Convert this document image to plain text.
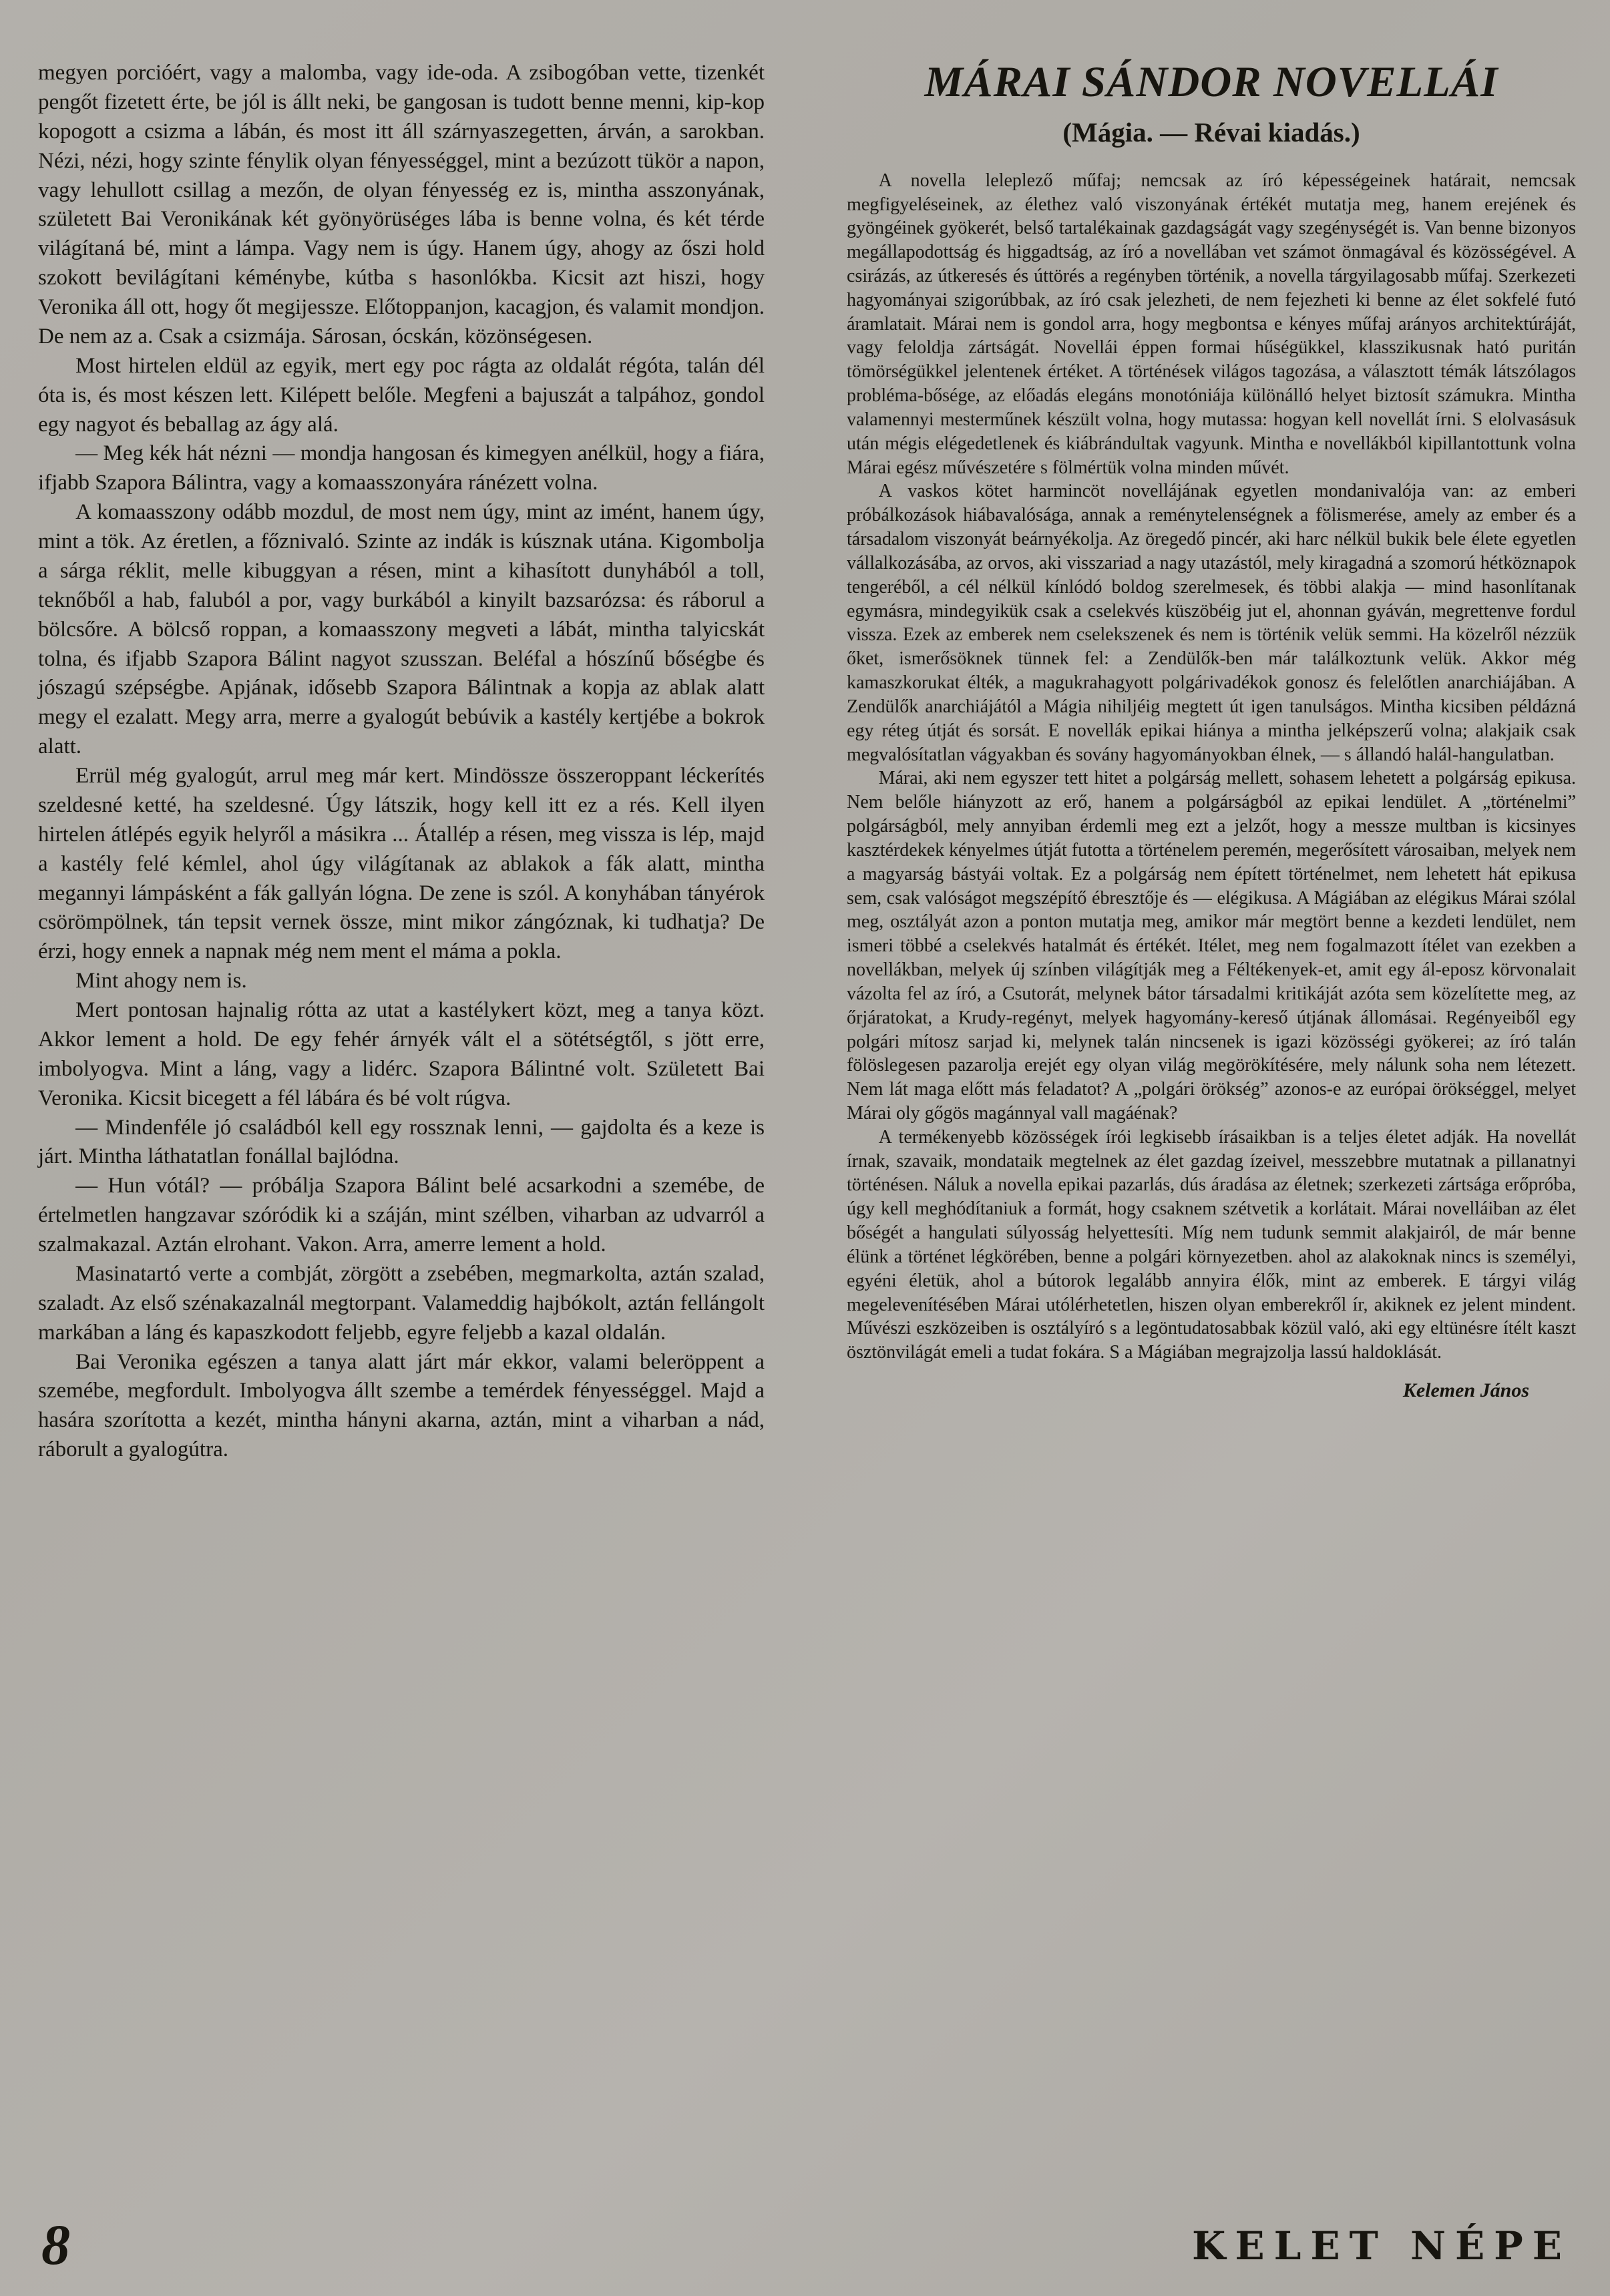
megyen porcióért, vagy a malomba, vagy ide-oda. A zsibogóban vette, tizenkét pengőt fizetett érte, be jól is állt neki, be gangosan is tudott benne menni, kip-kop kopogott a csizma a lábán, és most itt áll szárnyaszegetten, árván, a sarokban. Nézi, nézi, hogy szinte fénylik olyan fényességgel, mint a bezúzott tükör a napon, vagy lehullott csillag a mezőn, de olyan fényesség ez is, mintha asszonyának, született Bai Veronikának két gyönyörüséges lába is benne volna, és két térde világítaná bé, mint a lámpa. Vagy nem is úgy. Hanem úgy, ahogy az őszi hold szokott bevilágítani kéménybe, kútba s hasonlókba. Kicsit azt hiszi, hogy Veronika áll ott, hogy őt megijessze. Előtoppanjon, kacagjon, és valamit mondjon. De nem az a. Csak a csizmája. Sárosan, ócskán, közönségesen.

Most hirtelen eldül az egyik, mert egy poc rágta az oldalát régóta, talán dél óta is, és most készen lett. Kilépett belőle. Megfeni a bajuszát a talpához, gondol egy nagyot és beballag az ágy alá.

— Meg kék hát nézni — mondja hangosan és kimegyen anélkül, hogy a fiára, ifjabb Szapora Bálintra, vagy a komaasszonyára ránézett volna.

A komaasszony odább mozdul, de most nem úgy, mint az imént, hanem úgy, mint a tök. Az éretlen, a főznivaló. Szinte az indák is kúsznak utána. Kigombolja a sárga réklit, melle kibuggyan a résen, mint a kihasított dunyhából a toll, teknőből a hab, faluból a por, vagy burkából a kinyilt bazsarózsa: és ráborul a bölcsőre. A bölcső roppan, a komaasszony megveti a lábát, mintha talyicskát tolna, és ifjabb Szapora Bálint nagyot szusszan. Beléfal a hószínű bőségbe és jószagú szépségbe. Apjának, idősebb Szapora Bálintnak a kopja az ablak alatt megy el ezalatt. Megy arra, merre a gyalogút bebúvik a kastély kertjébe a bokrok alatt.

Errül még gyalogút, arrul meg már kert. Mindössze összeroppant léckerítés szeldesné ketté, ha szeldesné. Úgy látszik, hogy kell itt ez a rés. Kell ilyen hirtelen átlépés egyik helyről a másikra ... Átallép a résen, meg vissza is lép, majd a kastély felé kémlel, ahol úgy világítanak az ablakok a fák alatt, mintha megannyi lámpásként a fák gallyán lógna. De zene is szól. A konyhában tányérok csörömpölnek, tán tepsit vernek össze, mint mikor zángóznak, ki tudhatja? De érzi, hogy ennek a napnak még nem ment el máma a pokla.

Mint ahogy nem is.

Mert pontosan hajnalig rótta az utat a kastélykert közt, meg a tanya közt. Akkor lement a hold. De egy fehér árnyék vált el a sötétségtől, s jött erre, imbolyogva. Mint a láng, vagy a lidérc. Szapora Bálintné volt. Született Bai Veronika. Kicsit bicegett a fél lábára és bé volt rúgva.

— Mindenféle jó családból kell egy rossznak lenni, — gajdolta és a keze is járt. Mintha láthatatlan fonállal bajlódna.

— Hun vótál? — próbálja Szapora Bálint belé acsarkodni a szemébe, de értelmetlen hangzavar szóródik ki a száján, mint szélben, viharban az udvarról a szalmakazal. Aztán elrohant. Vakon. Arra, amerre lement a hold.

Masinatartó verte a combját, zörgött a zsebében, megmarkolta, aztán szalad, szaladt. Az első szénakazalnál megtorpant. Valameddig hajbókolt, aztán fellángolt markában a láng és kapaszkodott feljebb, egyre feljebb a kazal oldalán.

Bai Veronika egészen a tanya alatt járt már ekkor, valami beleröppent a szemébe, megfordult. Imbolyogva állt szembe a temérdek fényességgel. Majd a hasára szorította a kezét, mintha hányni akarna, aztán, mint a viharban a nád, ráborult a gyalogútra.

MÁRAI SÁNDOR NOVELLÁI
(Mágia. — Révai kiadás.)

A novella leleplező műfaj; nemcsak az író képességeinek határait, nemcsak megfigyeléseinek, az élethez való viszonyának értékét mutatja meg, hanem erejének és gyöngéinek gyökerét, belső tartalékainak gazdagságát vagy szegénységét is. Van benne bizonyos megállapodottság és higgadtság, az író a novellában vet számot önmagával és közösségével. A csirázás, az útkeresés és úttörés a regényben történik, a novella tárgyilagosabb műfaj. Szerkezeti hagyományai szigorúbbak, az író csak jelezheti, de nem fejezheti ki benne az élet sokfelé futó áramlatait. Márai nem is gondol arra, hogy megbontsa e kényes műfaj arányos architektúráját, vagy feloldja zártságát. Novellái éppen formai hűségükkel, klasszikusnak ható puritán tömörségükkel jelentenek értéket. A történések világos tagozása, a választott témák látszólagos probléma-bősége, az előadás elegáns monotóniája különálló helyet biztosít számukra. Mintha valamennyi mesterműnek készült volna, hogy mutassa: hogyan kell novellát írni. S elolvasásuk után mégis elégedetlenek és kiábrándultak vagyunk. Mintha e novellákból kipillantottunk volna Márai egész művészetére s fölmértük volna minden művét.

A vaskos kötet harmincöt novellájának egyetlen mondanivalója van: az emberi próbálkozások hiábavalósága, annak a reménytelenségnek a fölismerése, amely az ember és a társadalom viszonyát beárnyékolja. Az öregedő pincér, aki harc nélkül bukik bele élete egyetlen vállalkozásába, az orvos, aki visszariad a nagy utazástól, mely kiragadná a szomorú hétköznapok tengeréből, a cél nélkül kínlódó boldog szerelmesek, és többi alakja — mind hasonlítanak egymásra, mindegyikük csak a cselekvés küszöbéig jut el, ahonnan gyáván, megrettenve fordul vissza. Ezek az emberek nem cselekszenek és nem is történik velük semmi. Ha közelről nézzük őket, ismerősöknek tünnek fel: a Zendülők-ben már találkoztunk velük. Akkor még kamaszkorukat élték, a magukrahagyott polgárivadékok gonosz és felelőtlen anarchiájában. A Zendülők anarchiájától a Mágia nihiljéig megtett út igen tanulságos. Mintha kicsiben példázná egy réteg útját és sorsát. E novellák epikai hiánya a mintha jelképszerű volna; alakjaik csak megvalósítatlan vágyakban és sovány hagyományokban élnek, — s állandó halál-hangulatban.

Márai, aki nem egyszer tett hitet a polgárság mellett, sohasem lehetett a polgárság epikusa. Nem belőle hiányzott az erő, hanem a polgárságból az epikai lendület. A „történelmi” polgárságból, mely annyiban érdemli meg ezt a jelzőt, hogy a messze multban is kicsinyes kasztérdekek kényelmes útját futotta a történelem peremén, megerősített városaiban, melyek nem a magyarság bástyái voltak. Ez a polgárság nem épített történelmet, nem lehetett hát epikusa sem, csak valóságot megszépítő ébresztője és — elégikusa. A Mágiában az elégikus Márai szólal meg, osztályát azon a ponton mutatja meg, amikor már megtört benne a kezdeti lendület, nem ismeri többé a cselekvés hatalmát és értékét. Itélet, meg nem fogalmazott ítélet van ezekben a novellákban, melyek új színben világítják meg a Féltékenyek-et, amit egy ál-eposz körvonalait vázolta fel az író, a Csutorát, melynek bátor társadalmi kritikáját azóta sem közelítette meg, az őrjáratokat, a Krudy-regényt, melyek hagyomány-kereső útjának állomásai. Regényeiből egy polgári mítosz sarjad ki, melynek talán nincsenek is igazi közösségi gyökerei; az író talán fölöslegesen pazarolja erejét egy olyan világ megörökítésére, mely nálunk soha nem létezett. Nem lát maga előtt más feladatot? A „polgári örökség” azonos-e az európai örökséggel, melyet Márai oly gőgös magánnyal vall magáénak?

A termékenyebb közösségek írói legkisebb írásaikban is a teljes életet adják. Ha novellát írnak, szavaik, mondataik megtelnek az élet gazdag ízeivel, messzebbre mutatnak a pillanatnyi történésen. Náluk a novella epikai pazarlás, dús áradása az életnek; szerkezeti zártsága erőpróba, úgy kell meghódítaniuk a formát, hogy csaknem szétvetik a korlátait. Márai novelláiban az élet bőségét a hangulati súlyosság helyettesíti. Míg nem tudunk semmit alakjairól, de már benne élünk a történet légkörében, benne a polgári környezetben. ahol az alakoknak nincs is személyi, egyéni életük, ahol a bútorok legalább annyira élők, mint az emberek. E tárgyi világ megelevenítésében Márai utólérhetetlen, hiszen olyan emberekről ír, akiknek ez jelent mindent. Művészi eszközeiben is osztályíró s a legöntudatosabbak közül való, aki egy eltünésre ítélt kaszt ösztönvilágát emeli a tudat fokára. S a Mágiában megrajzolja lassú haldoklását.

Kelemen János
8	KELET NÉPE
